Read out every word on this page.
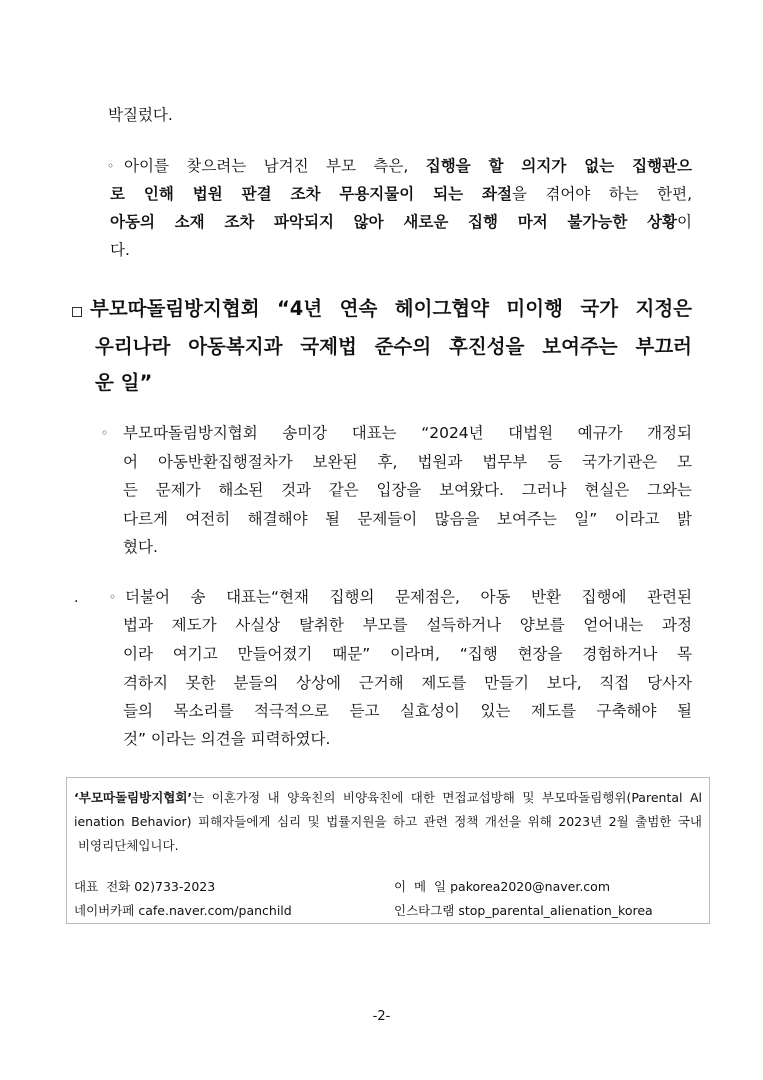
박질렀다.
◦ 아이를 찾으려는 남겨진 부모 측은, 집행을 할 의지가 없는 집행관으
로 인해 법원 판결 조차 무용지물이 되는 좌절을 겪어야 하는 한편,
아동의 소재 조차 파악되지 않아 새로운 집행 마저 불가능한 상황이
다.
부모따돌림방지협회 “4년 연속 헤이그협약 미이행 국가 지정은
우리나라 아동복지과 국제법 준수의 후진성을 보여주는 부끄러
운 일”
◦ 부모따돌림방지협회 송미강 대표는 “2024년 대법원 예규가 개정되
어 아동반환집행절차가 보완된 후, 법원과 법무부 등 국가기관은 모
든 문제가 해소된 것과 같은 입장을 보여왔다. 그러나 현실은 그와는
다르게 여전히 해결해야 될 문제들이 많음을 보여주는 일” 이라고 밝
혔다.
.	◦ 더불어 송 대표는“현재 집행의 문제점은, 아동 반환 집행에 관련된
법과 제도가 사실상 탈취한 부모를 설득하거나 양보를 얻어내는 과정
이라 여기고 만들어졌기 때문” 이라며, “집행 현장을 경험하거나 목
격하지 못한 분들의 상상에 근거해 제도를 만들기 보다, 직접 당사자
들의 목소리를 적극적으로 듣고 실효성이 있는 제도를 구축해야 될
것” 이라는 의견을 피력하였다.
‘부모따돌림방지협회’는 이혼가정 내 양육친의 비양육친에 대한 면접교섭방해 및 부모따돌림행위(Parental Al
ienation Behavior) 피해자들에게 심리 및 법률지원을 하고 관련 정책 개선을 위해 2023년 2월 출범한 국내
비영리단체입니다.
대표  전화 02)733-2023	이  메  일 pakorea2020@naver.com
네이버카페 cafe.naver.com/panchild	인스타그램 stop_parental_alienation_korea
-2-
